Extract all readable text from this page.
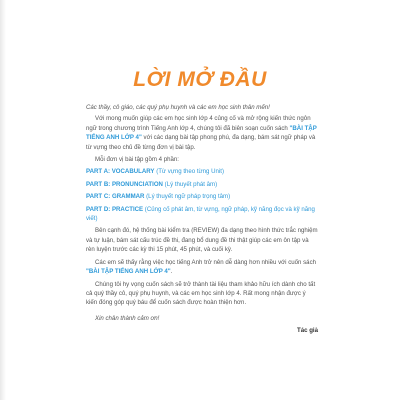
LỜI MỞ ĐẦU

Các thầy, cô giáo, các quý phụ huynh và các em học sinh thân mến!

Với mong muốn giúp các em học sinh lớp 4 củng cố và mở rộng kiến thức ngôn ngữ trong chương trình Tiếng Anh lớp 4, chúng tôi đã biên soạn cuốn sách "BÀI TẬP TIẾNG ANH LỚP 4" với các dạng bài tập phong phú, đa dạng, bám sát ngữ pháp và từ vựng theo chủ đề từng đơn vị bài tập.

Mỗi đơn vị bài tập gồm 4 phần:

PART A: VOCABULARY (Từ vựng theo từng Unit)
PART B: PRONUNCIATION (Lý thuyết phát âm)
PART C: GRAMMAR (Lý thuyết ngữ pháp trọng tâm)
PART D: PRACTICE (Củng cố phát âm, từ vựng, ngữ pháp, kỹ năng đọc và kỹ năng viết)

Bên cạnh đó, hệ thống bài kiểm tra (REVIEW) đa dạng theo hình thức trắc nghiệm và tự luận, bám sát cấu trúc đề thi, đang bổ dung đề thi thật giúp các em ôn tập và rèn luyện trước các kỳ thi 15 phút, 45 phút, và cuối kỳ.

Các em sẽ thấy rằng việc học tiếng Anh trở nên dễ dàng hơn nhiều với cuốn sách "BÀI TẬP TIẾNG ANH LỚP 4".

Chúng tôi hy vọng cuốn sách sẽ trở thành tài liệu tham khảo hữu ích dành cho tất cả quý thầy cô, quý phụ huynh, và các em học sinh lớp 4. Rất mong nhận được ý kiến đóng góp quý báu để cuốn sách được hoàn thiện hơn.

Xin chân thành cảm ơn!

Tác giả
